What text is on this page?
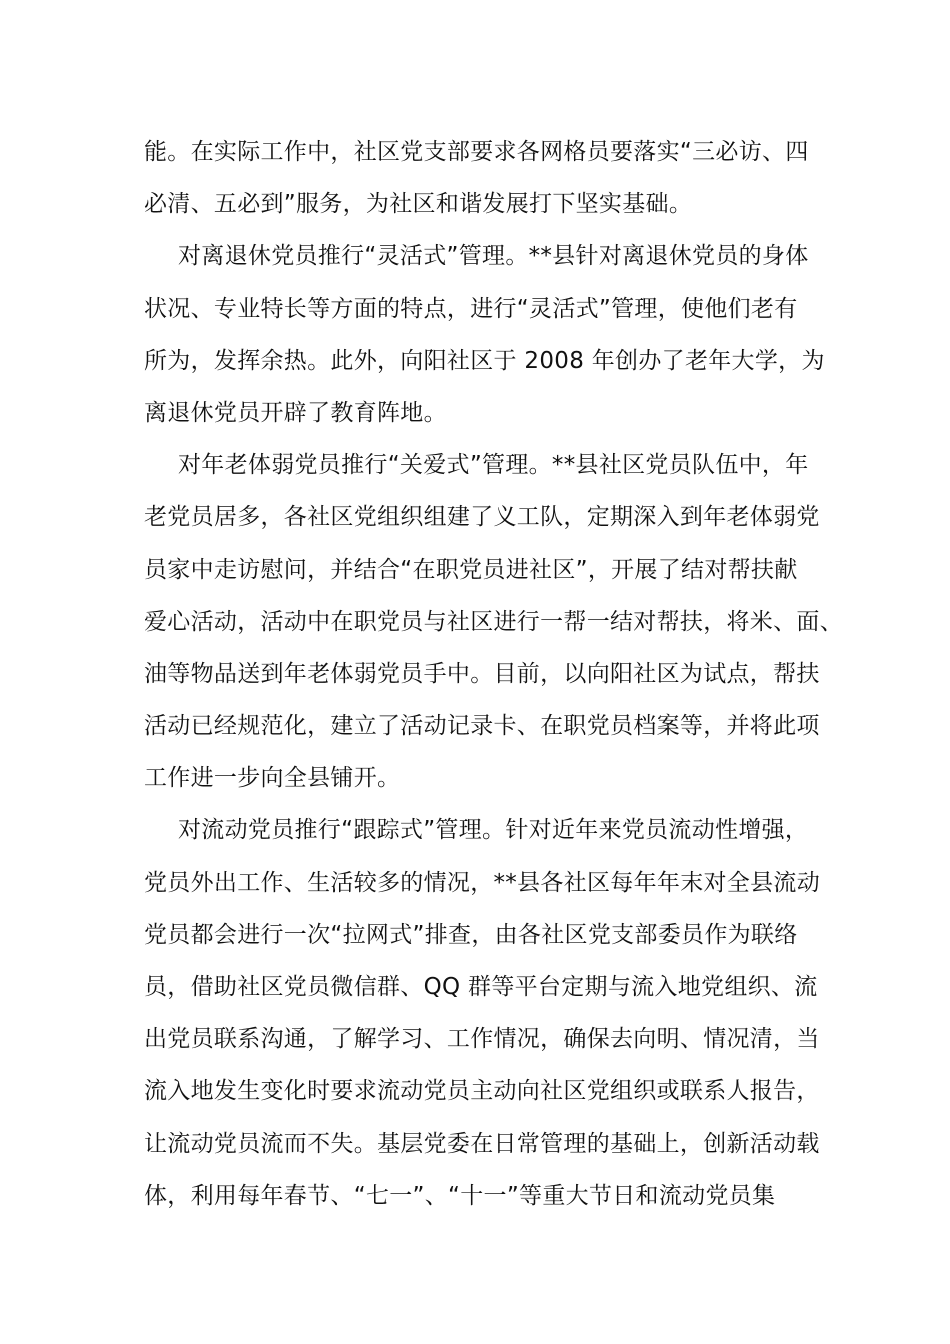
能。在实际工作中，社区党支部要求各网格员要落实“三必访、四
必清、五必到”服务，为社区和谐发展打下坚实基础。

对离退休党员推行“灵活式”管理。**县针对离退休党员的身体
状况、专业特长等方面的特点，进行“灵活式”管理，使他们老有
所为，发挥余热。此外，向阳社区于 2008 年创办了老年大学，为
离退休党员开辟了教育阵地。

对年老体弱党员推行“关爱式”管理。**县社区党员队伍中，年
老党员居多，各社区党组织组建了义工队，定期深入到年老体弱党
员家中走访慰问，并结合“在职党员进社区”，开展了结对帮扶献
爱心活动，活动中在职党员与社区进行一帮一结对帮扶，将米、面、
油等物品送到年老体弱党员手中。目前，以向阳社区为试点，帮扶
活动已经规范化，建立了活动记录卡、在职党员档案等，并将此项
工作进一步向全县铺开。

对流动党员推行“跟踪式”管理。针对近年来党员流动性增强，
党员外出工作、生活较多的情况，**县各社区每年年末对全县流动
党员都会进行一次“拉网式”排查，由各社区党支部委员作为联络
员，借助社区党员微信群、QQ 群等平台定期与流入地党组织、流
出党员联系沟通，了解学习、工作情况，确保去向明、情况清，当
流入地发生变化时要求流动党员主动向社区党组织或联系人报告，
让流动党员流而不失。基层党委在日常管理的基础上，创新活动载
体，利用每年春节、“七一”、“十一”等重大节日和流动党员集
